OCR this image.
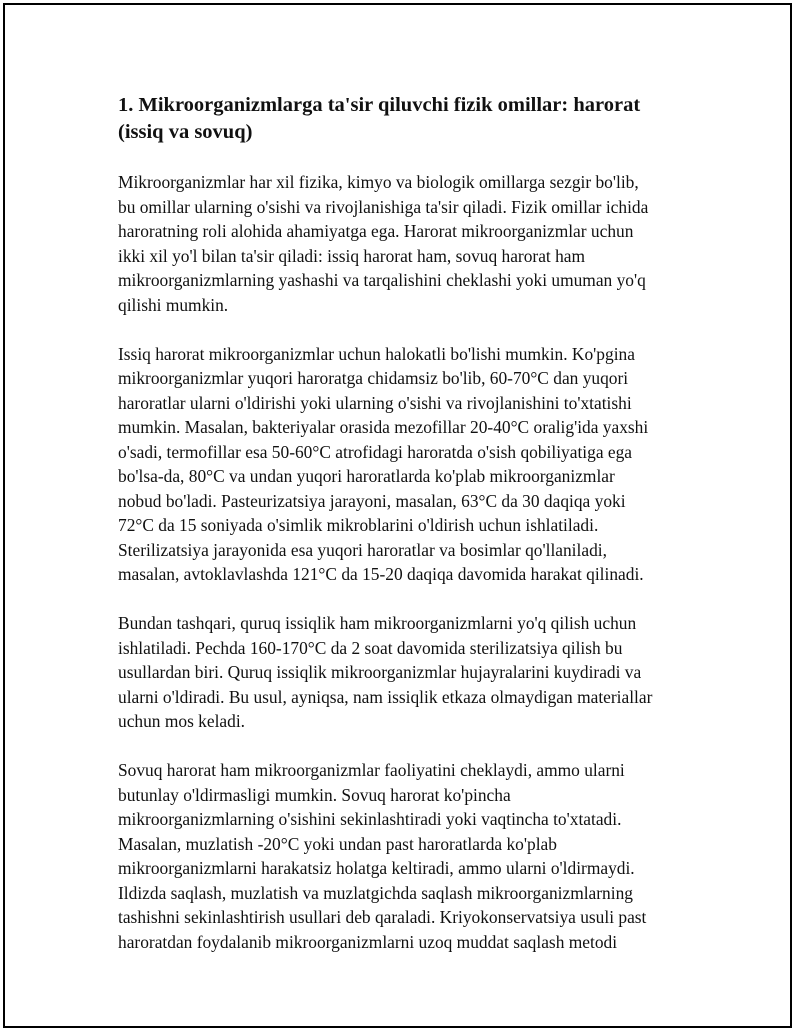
1. Mikroorganizmlarga ta'sir qiluvchi fizik omillar: harorat
(issiq va sovuq)

Mikroorganizmlar har xil fizika, kimyo va biologik omillarga sezgir bo'lib,
bu omillar ularning o'sishi va rivojlanishiga ta'sir qiladi. Fizik omillar ichida
haroratning roli alohida ahamiyatga ega. Harorat mikroorganizmlar uchun
ikki xil yo'l bilan ta'sir qiladi: issiq harorat ham, sovuq harorat ham
mikroorganizmlarning yashashi va tarqalishini cheklashi yoki umuman yo'q
qilishi mumkin.

Issiq harorat mikroorganizmlar uchun halokatli bo'lishi mumkin. Ko'pgina
mikroorganizmlar yuqori haroratga chidamsiz bo'lib, 60-70°C dan yuqori
haroratlar ularni o'ldirishi yoki ularning o'sishi va rivojlanishini to'xtatishi
mumkin. Masalan, bakteriyalar orasida mezofillar 20-40°C oralig'ida yaxshi
o'sadi, termofillar esa 50-60°C atrofidagi haroratda o'sish qobiliyatiga ega
bo'lsa-da, 80°C va undan yuqori haroratlarda ko'plab mikroorganizmlar
nobud bo'ladi. Pasteurizatsiya jarayoni, masalan, 63°C da 30 daqiqa yoki
72°C da 15 soniyada o'simlik mikroblarini o'ldirish uchun ishlatiladi.
Sterilizatsiya jarayonida esa yuqori haroratlar va bosimlar qo'llaniladi,
masalan, avtoklavlashda 121°C da 15-20 daqiqa davomida harakat qilinadi.

Bundan tashqari, quruq issiqlik ham mikroorganizmlarni yo'q qilish uchun
ishlatiladi. Pechda 160-170°C da 2 soat davomida sterilizatsiya qilish bu
usullardan biri. Quruq issiqlik mikroorganizmlar hujayralarini kuydiradi va
ularni o'ldiradi. Bu usul, ayniqsa, nam issiqlik etkaza olmaydigan materiallar
uchun mos keladi.

Sovuq harorat ham mikroorganizmlar faoliyatini cheklaydi, ammo ularni
butunlay o'ldirmasligi mumkin. Sovuq harorat ko'pincha
mikroorganizmlarning o'sishini sekinlashtiradi yoki vaqtincha to'xtatadi.
Masalan, muzlatish -20°C yoki undan past haroratlarda ko'plab
mikroorganizmlarni harakatsiz holatga keltiradi, ammo ularni o'ldirmaydi.
Ildizda saqlash, muzlatish va muzlatgichda saqlash mikroorganizmlarning
tashishni sekinlashtirish usullari deb qaraladi. Kriyokonservatsiya usuli past
haroratdan foydalanib mikroorganizmlarni uzoq muddat saqlash metodi
